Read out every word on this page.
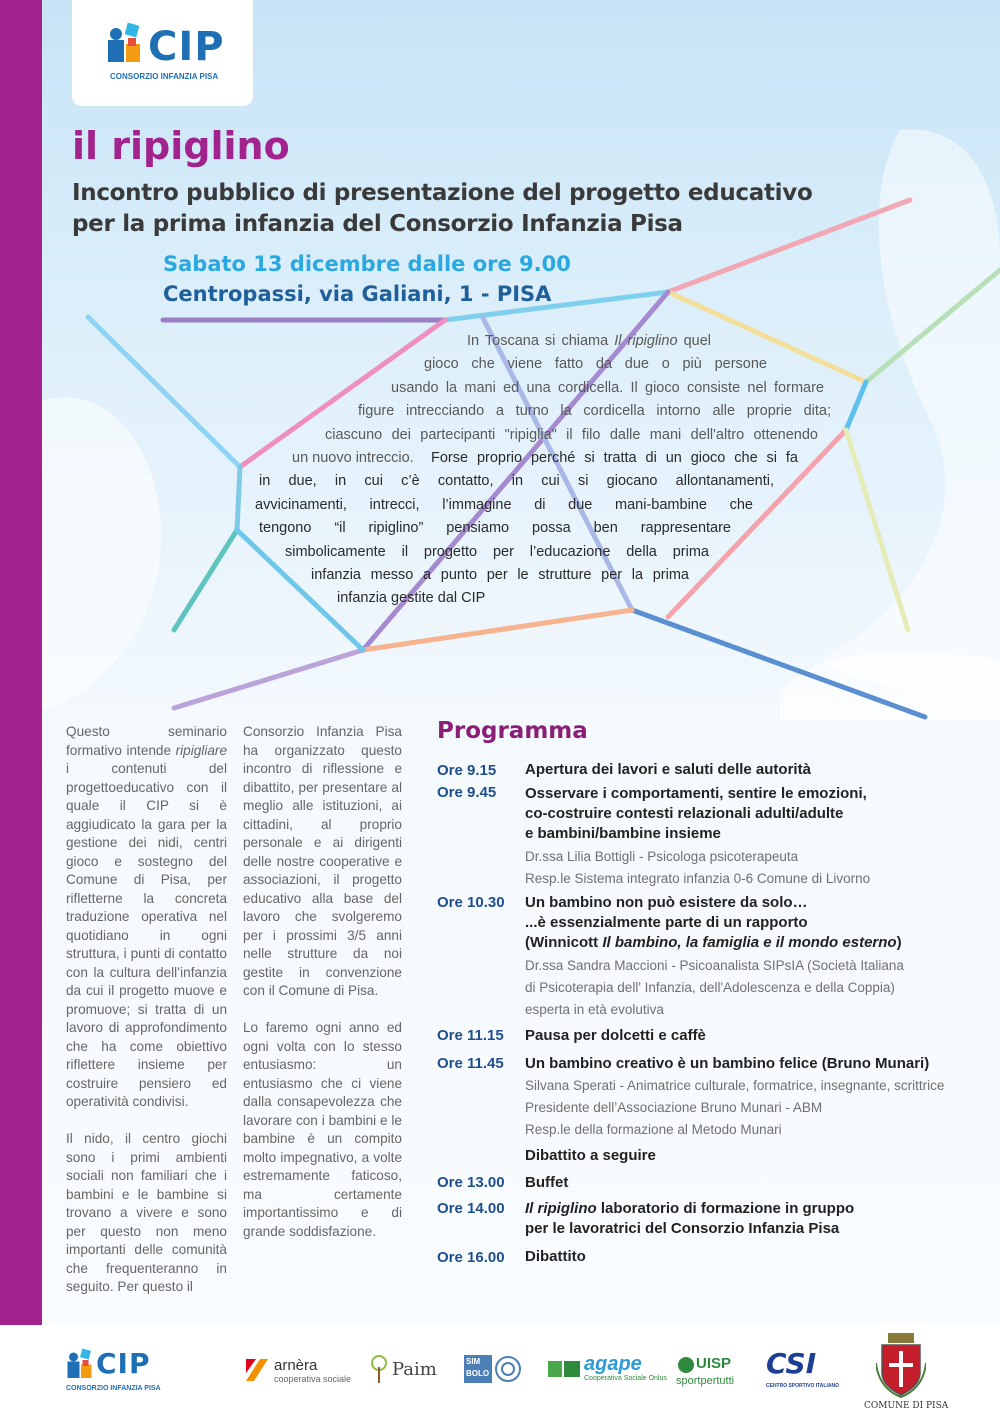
CIP
CONSORZIO INFANZIA PISA
il ripiglino
Incontro pubblico di presentazione del progetto educativo
per la prima infanzia del Consorzio Infanzia Pisa
Sabato 13 dicembre dalle ore 9.00
Centropassi, via Galiani, 1 - PISA
In Toscana si chiama Il ripiglino quel
gioco che viene fatto da due o più persone
usando la mani ed una cordicella. Il gioco consiste nel formare
figure intrecciando a turno la cordicella intorno alle proprie dita;
ciascuno dei partecipanti "ripiglia" il filo dalle mani dell'altro ottenendo
un nuovo intreccio.	Forse proprio perché si tratta di un gioco che si fa
in due, in cui c’è contatto, in cui si giocano allontanamenti,
avvicinamenti, intrecci, l’immagine di due mani-bambine che
tengono “il ripiglino” pensiamo possa ben rappresentare
simbolicamente il progetto per l’educazione della prima
infanzia messo a punto per le strutture per la prima
infanzia gestite dal CIP

Questo seminario formativo intende ripigliare i contenuti del progettoeducativo con il quale il CIP si è aggiudicato la gara per la gestione dei nidi, centri gioco e sostegno del Comune di Pisa, per rifletterne la concreta traduzione operativa nel quotidiano in ogni struttura, i punti di contatto con la cultura dell’infanzia da cui il progetto muove e promuove; si tratta di un lavoro di approfondimento che ha come obiettivo riflettere insieme per costruire pensiero ed operatività condivisi.

Il nido, il centro giochi sono i primi ambienti sociali non familiari che i bambini e le bambine si trovano a vivere e sono per questo non meno importanti delle comunità che frequenteranno in seguito. Per questo il

Consorzio Infanzia Pisa ha organizzato questo incontro di riflessione e dibattito, per presentare al meglio alle istituzioni, ai cittadini, al proprio personale e ai dirigenti delle nostre cooperative e associazioni, il progetto educativo alla base del lavoro che svolgeremo per i prossimi 3/5 anni nelle strutture da noi gestite in convenzione con il Comune di Pisa.

Lo faremo ogni anno ed ogni volta con lo stesso entusiasmo: un entusiasmo che ci viene dalla consapevolezza che lavorare con i bambini e le bambine è un compito molto impegnativo, a volte estremamente faticoso, ma certamente importantissimo e di grande soddisfazione.

Programma
Ore 9.15 Apertura dei lavori e saluti delle autorità
Ore 9.45 Osservare i comportamenti, sentire le emozioni,
co-costruire contesti relazionali adulti/adulte
e bambini/bambine insieme
Dr.ssa Lilia Bottigli - Psicologa psicoterapeuta
Resp.le Sistema integrato infanzia 0-6 Comune di Livorno
Ore 10.30 Un bambino non può esistere da solo…
...è essenzialmente parte di un rapporto
(Winnicott Il bambino, la famiglia e il mondo esterno)
Dr.ssa Sandra Maccioni - Psicoanalista SIPsIA (Società Italiana
di Psicoterapia dell' Infanzia, dell'Adolescenza e della Coppia)
esperta in età evolutiva
Ore 11.15 Pausa per dolcetti e caffè
Ore 11.45 Un bambino creativo è un bambino felice (Bruno Munari)
Silvana Sperati - Animatrice culturale, formatrice, insegnante, scrittrice
Presidente dell’Associazione Bruno Munari - ABM
Resp.le della formazione al Metodo Munari
Dibattito a seguire
Ore 13.00 Buffet
Ore 14.00 Il ripiglino laboratorio di formazione in gruppo
per le lavoratrici del Consorzio Infanzia Pisa
Ore 16.00 Dibattito
CIP
CONSORZIO INFANZIA PISA
arnèra
cooperativa sociale Paim	SIM
BOLO	agape
Cooperativa Sociale Onlus
UISP
sportpertutti
CSI
CENTRO SPORTIVO ITALIANO
COMUNE DI PISA
